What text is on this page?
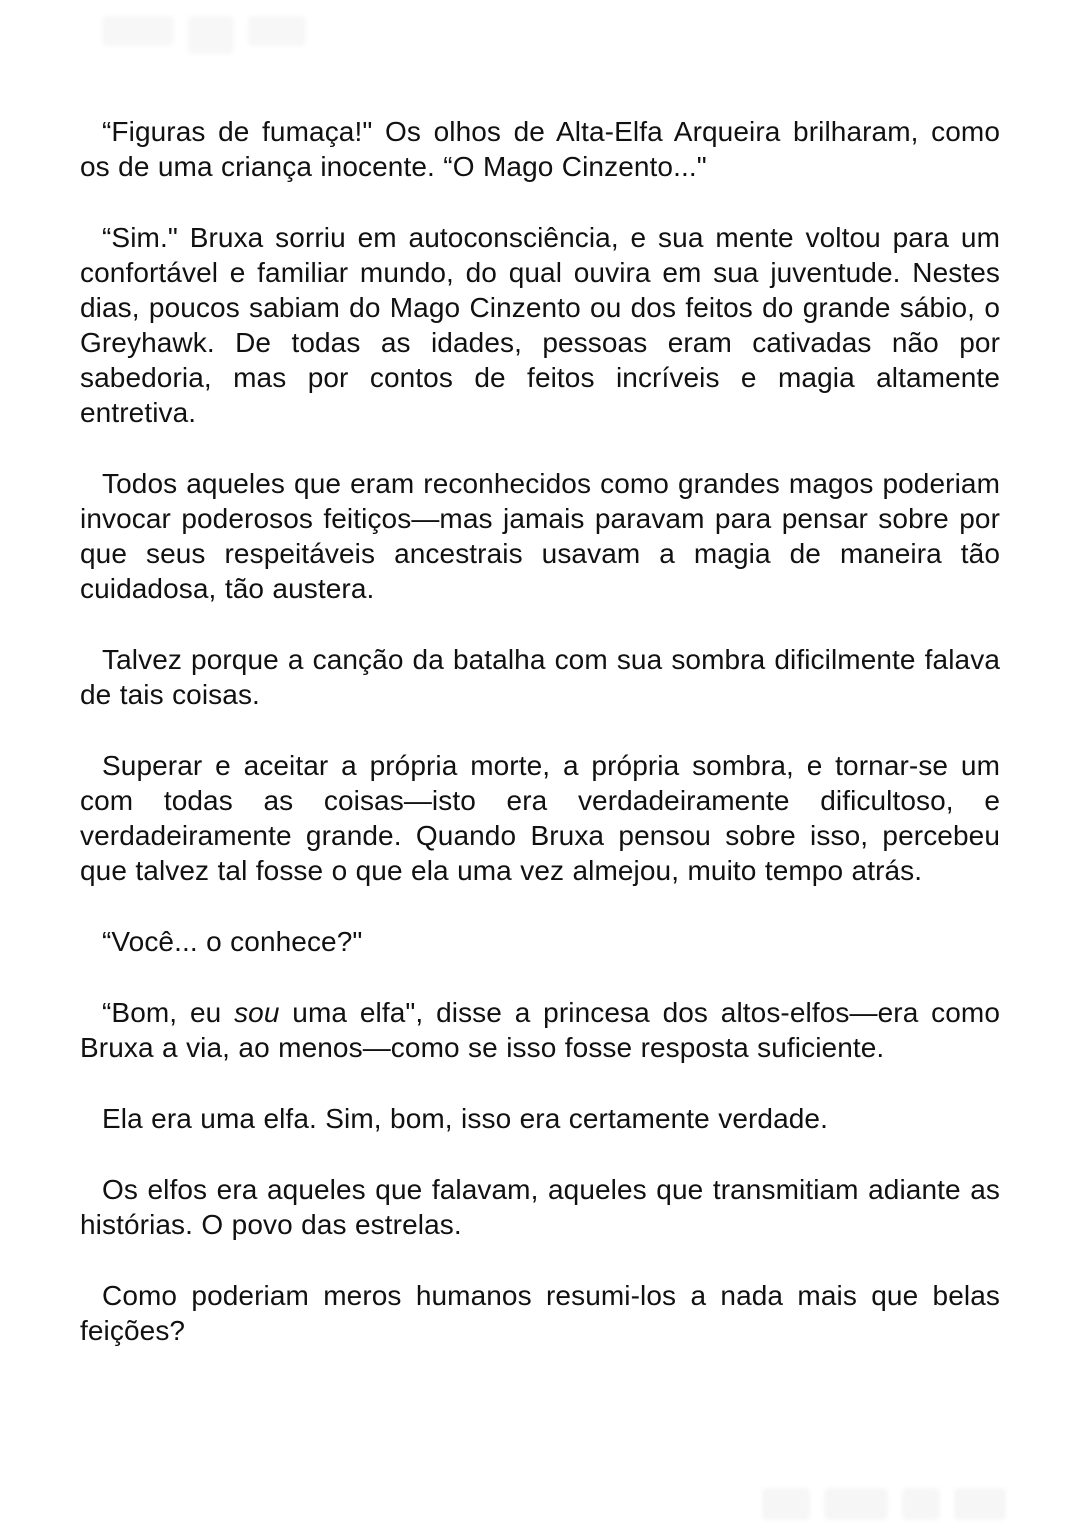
“Figuras de fumaça!" Os olhos de Alta-Elfa Arqueira brilharam, como os de uma criança inocente. “O Mago Cinzento..."

“Sim." Bruxa sorriu em autoconsciência, e sua mente voltou para um confortável e familiar mundo, do qual ouvira em sua juventude. Nestes dias, poucos sabiam do Mago Cinzento ou dos feitos do grande sábio, o Greyhawk. De todas as idades, pessoas eram cativadas não por sabedoria, mas por contos de feitos incríveis e magia altamente entretiva.

Todos aqueles que eram reconhecidos como grandes magos poderiam invocar poderosos feitiços—mas jamais paravam para pensar sobre por que seus respeitáveis ancestrais usavam a magia de maneira tão cuidadosa, tão austera.

Talvez porque a canção da batalha com sua sombra dificilmente falava de tais coisas.

Superar e aceitar a própria morte, a própria sombra, e tornar-se um com todas as coisas—isto era verdadeiramente dificultoso, e verdadeiramente grande. Quando Bruxa pensou sobre isso, percebeu que talvez tal fosse o que ela uma vez almejou, muito tempo atrás.

“Você... o conhece?"

“Bom, eu sou uma elfa", disse a princesa dos altos-elfos—era como Bruxa a via, ao menos—como se isso fosse resposta suficiente.

Ela era uma elfa. Sim, bom, isso era certamente verdade.

Os elfos era aqueles que falavam, aqueles que transmitiam adiante as histórias. O povo das estrelas.

Como poderiam meros humanos resumi-los a nada mais que belas feições?
